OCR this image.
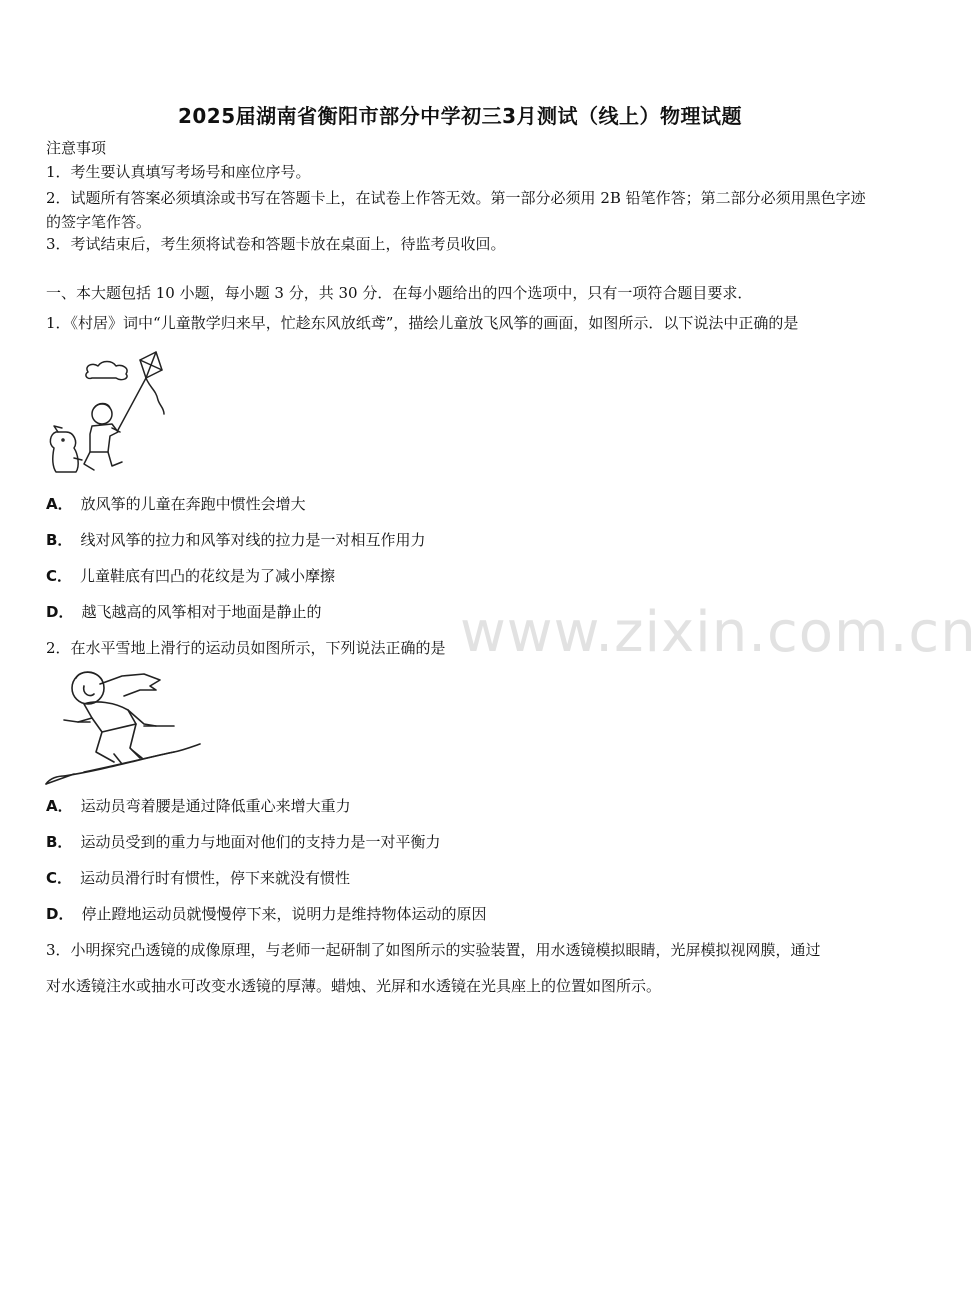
2025届湖南省衡阳市部分中学初三3月测试（线上）物理试题
注意事项
1．考生要认真填写考场号和座位序号。
2．试题所有答案必须填涂或书写在答题卡上，在试卷上作答无效。第一部分必须用 2B 铅笔作答；第二部分必须用黑色字迹的签字笔作答。
3．考试结束后，考生须将试卷和答题卡放在桌面上，待监考员收回。
一、本大题包括 10 小题，每小题 3 分，共 30 分．在每小题给出的四个选项中，只有一项符合题目要求．
1．《村居》词中“儿童散学归来早，忙趁东风放纸鸢”，描绘儿童放飞风筝的画面，如图所示．以下说法中正确的是
A． 放风筝的儿童在奔跑中惯性会增大
B． 线对风筝的拉力和风筝对线的拉力是一对相互作用力
C． 儿童鞋底有凹凸的花纹是为了减小摩擦
D． 越飞越高的风筝相对于地面是静止的 www.zixin.com.cn
2．在水平雪地上滑行的运动员如图所示，下列说法正确的是
A． 运动员弯着腰是通过降低重心来增大重力
B． 运动员受到的重力与地面对他们的支持力是一对平衡力
C． 运动员滑行时有惯性，停下来就没有惯性
D． 停止蹬地运动员就慢慢停下来，说明力是维持物体运动的原因
3．小明探究凸透镜的成像原理，与老师一起研制了如图所示的实验装置，用水透镜模拟眼睛，光屏模拟视网膜，通过
对水透镜注水或抽水可改变水透镜的厚薄。蜡烛、光屏和水透镜在光具座上的位置如图所示。
